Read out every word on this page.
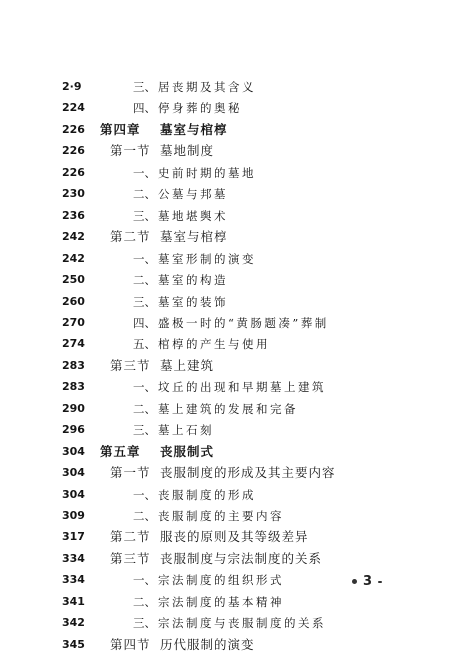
2·9	三、 居丧期及其含义
224	四、 停身葬的奥秘
226	第四章 墓室与棺椁
226	第一节 墓地制度
226	一、 史前时期的墓地
230	二、 公墓与邦墓
236	三、 墓地堪舆术
242	第二节 墓室与棺椁
242	一、 墓室形制的演变
250	二、 墓室的构造
260	三、 墓室的装饰
270	四、 盛极一时的“黄肠题凑”葬制
274	五、 棺椁的产生与使用
283	第三节 墓上建筑
283	一、 坟丘的出现和早期墓上建筑
290	二、 墓上建筑的发展和完备
296	三、 墓上石刻
304	第五章 丧服制式
304	第一节 丧服制度的形成及其主要内容
304	一、 丧服制度的形成
309	二、 丧服制度的主要内容
317	第二节 服丧的原则及其等级差异
334	第三节 丧服制度与宗法制度的关系
334	一、 宗法制度的组织形式
341	二、 宗法制度的基本精神
342	三、 宗法制度与丧服制度的关系
345	第四节 历代服制的演变
3
